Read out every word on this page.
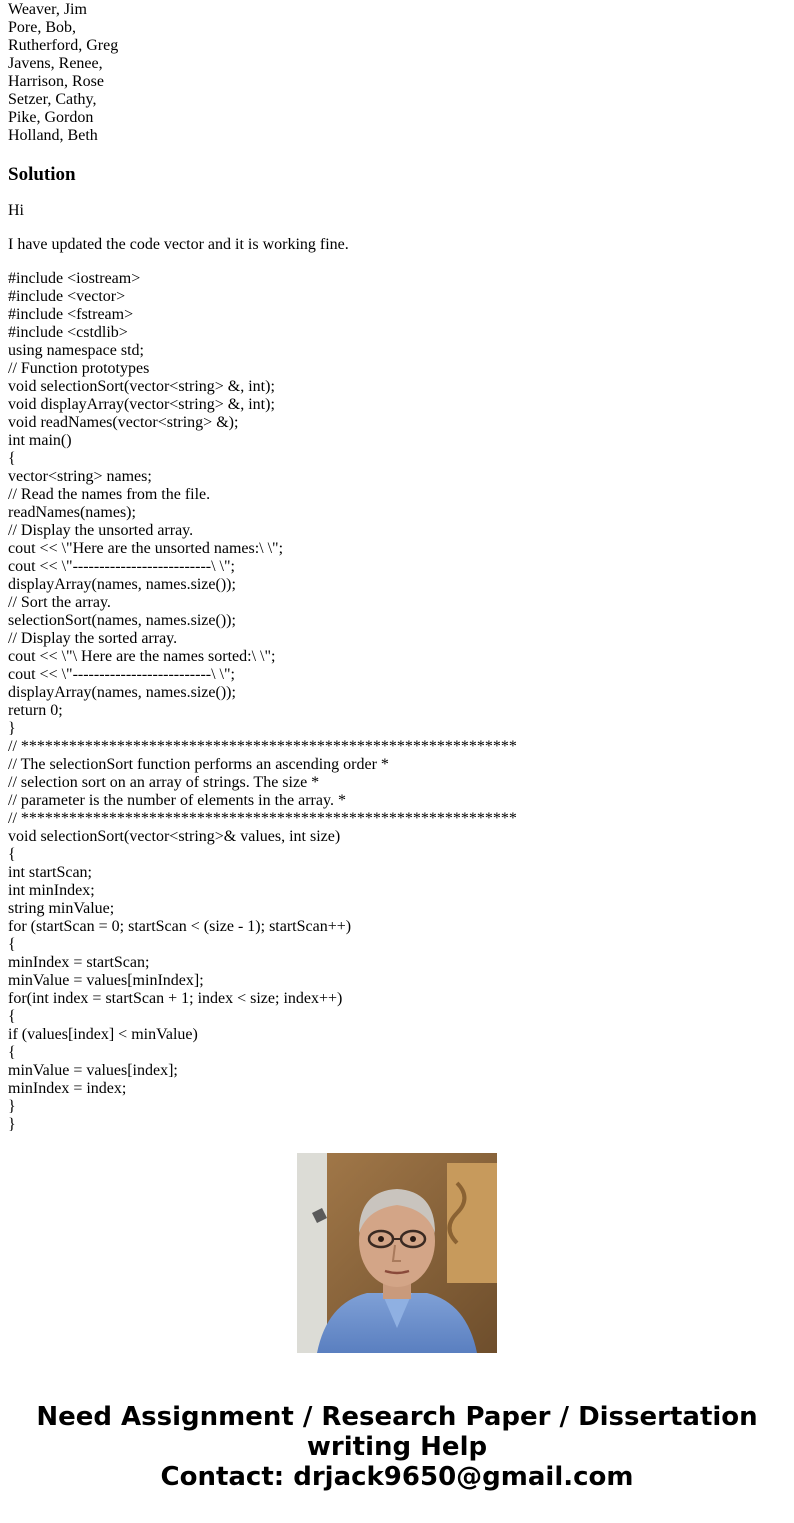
Weaver, Jim
Pore, Bob,
Rutherford, Greg
Javens, Renee,
Harrison, Rose
Setzer, Cathy,
Pike, Gordon
Holland, Beth
Solution

Hi

I have updated the code vector and it is working fine.

#include <iostream>
#include <vector>
#include <fstream>
#include <cstdlib>
using namespace std;
// Function prototypes
void selectionSort(vector<string> &, int);
void displayArray(vector<string> &, int);
void readNames(vector<string> &);
int main()
{
vector<string> names;
// Read the names from the file.
readNames(names);
// Display the unsorted array.
cout << \"Here are the unsorted names:\ \";
cout << \"--------------------------\ \";
displayArray(names, names.size());
// Sort the array.
selectionSort(names, names.size());
// Display the sorted array.
cout << \"\ Here are the names sorted:\ \";
cout << \"--------------------------\ \";
displayArray(names, names.size());
return 0;
}
// **************************************************************
// The selectionSort function performs an ascending order *
// selection sort on an array of strings. The size *
// parameter is the number of elements in the array. *
// **************************************************************
void selectionSort(vector<string>& values, int size)
{
int startScan;
int minIndex;
string minValue;
for (startScan = 0; startScan < (size - 1); startScan++)
{
minIndex = startScan;
minValue = values[minIndex];
for(int index = startScan + 1; index < size; index++)
{
if (values[index] < minValue)
{
minValue = values[index];
minIndex = index;
}
}
Need Assignment / Research Paper / Dissertation
writing Help
Contact: drjack9650@gmail.com
